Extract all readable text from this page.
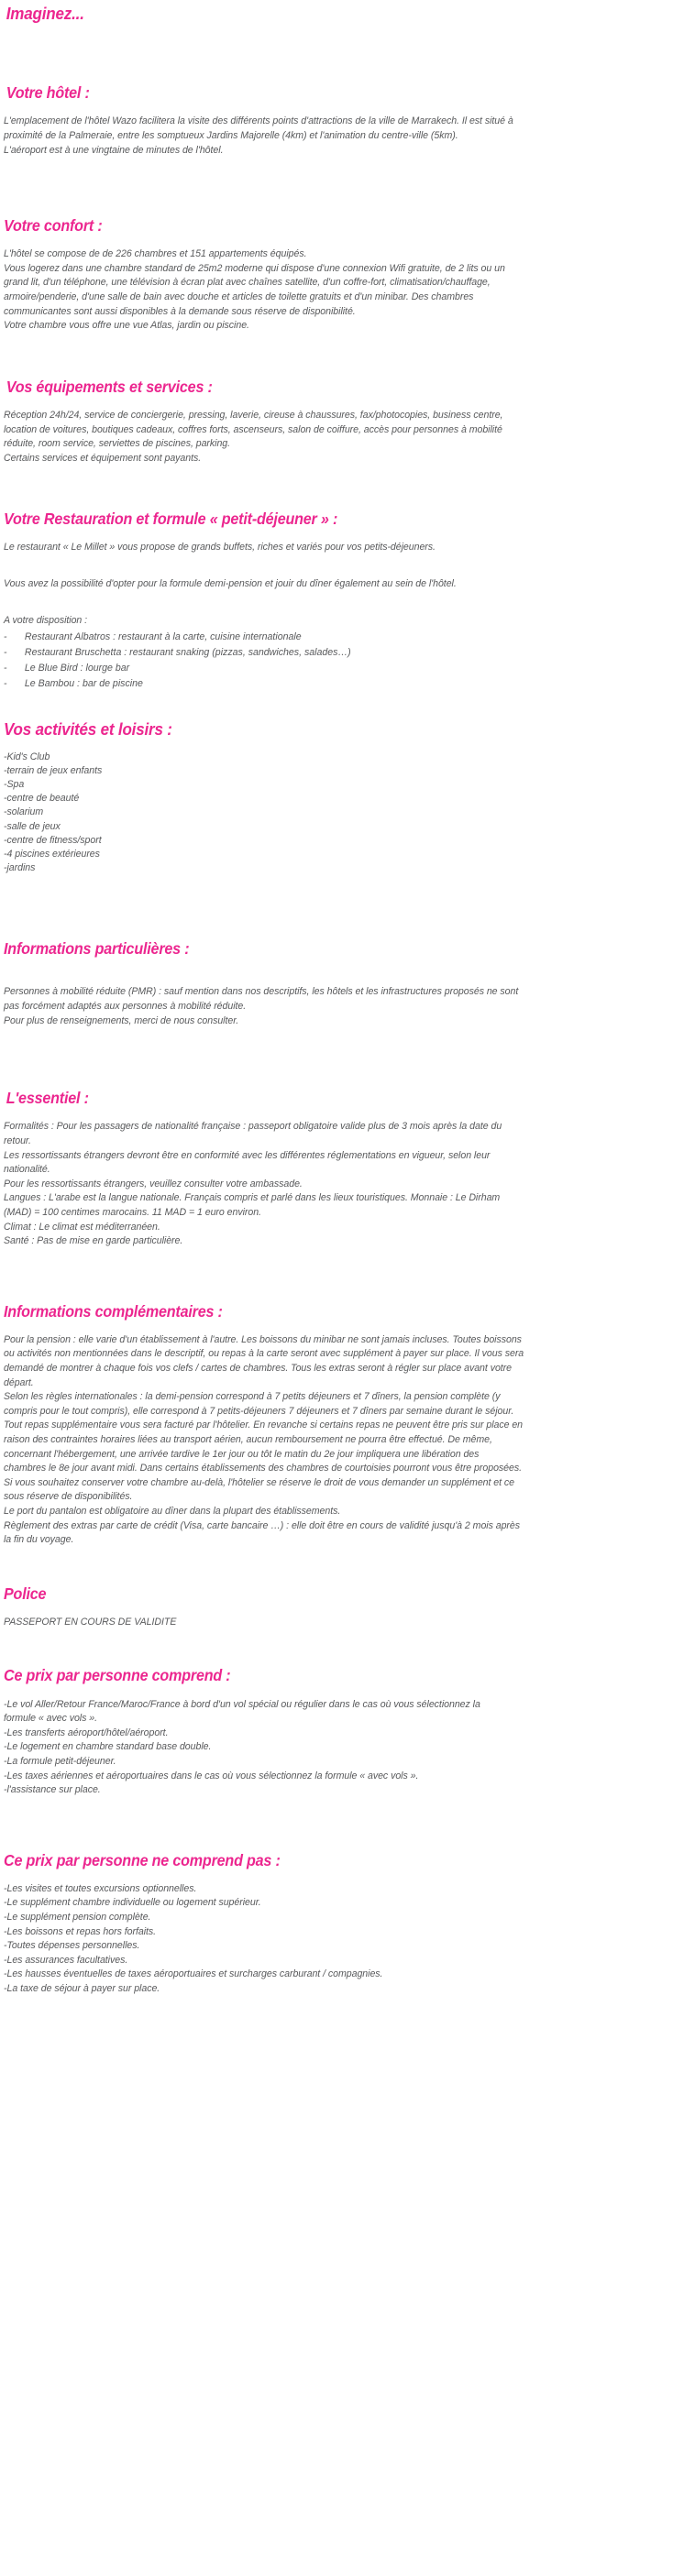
Imaginez...
Votre hôtel :
L'emplacement de l'hôtel Wazo facilitera la visite des différents points d'attractions de la ville de Marrakech. Il est situé à
proximité de la Palmeraie, entre les somptueux Jardins Majorelle (4km) et l'animation du centre-ville (5km).
L'aéroport est à une vingtaine de minutes de l'hôtel.
Votre confort :
L'hôtel se compose de de 226 chambres et 151 appartements équipés.
Vous logerez dans une chambre standard de 25m2 moderne qui dispose d'une connexion Wifi gratuite, de 2 lits ou un
grand lit, d'un téléphone, une télévision à écran plat avec chaînes satellite, d'un coffre-fort, climatisation/chauffage,
armoire/penderie, d'une salle de bain avec douche et articles de toilette gratuits et d'un minibar. Des chambres
communicantes sont aussi disponibles à la demande sous réserve de disponibilité.
Votre chambre vous offre une vue Atlas, jardin ou piscine.
Vos équipements et services :
Réception 24h/24, service de conciergerie, pressing, laverie, cireuse à chaussures, fax/photocopies, business centre,
location de voitures, boutiques cadeaux, coffres forts, ascenseurs, salon de coiffure, accès pour personnes à mobilité
réduite, room service, serviettes de piscines, parking.
Certains services et équipement sont payants.
Votre Restauration et formule « petit-déjeuner » :
Le restaurant « Le Millet » vous propose de grands buffets, riches et variés pour vos petits-déjeuners.
Vous avez la possibilité d'opter pour la formule demi-pension et jouir du dîner également au sein de l'hôtel.
A votre disposition :
-	Restaurant Albatros : restaurant à la carte, cuisine internationale
-	Restaurant Bruschetta : restaurant snaking (pizzas, sandwiches, salades…)
-	Le Blue Bird : lourge bar
-	Le Bambou : bar de piscine
Vos activités et loisirs :
-Kid's Club
-terrain de jeux enfants
-Spa
-centre de beauté
-solarium
-salle de jeux
-centre de fitness/sport
-4 piscines extérieures
-jardins
Informations particulières :
Personnes à mobilité réduite (PMR) : sauf mention dans nos descriptifs, les hôtels et les infrastructures proposés ne sont
pas forcément adaptés aux personnes à mobilité réduite.
Pour plus de renseignements, merci de nous consulter.
L'essentiel :
Formalités : Pour les passagers de nationalité française : passeport obligatoire valide plus de 3 mois après la date du
retour.
Les ressortissants étrangers devront être en conformité avec les différentes réglementations en vigueur, selon leur
nationalité.
Pour les ressortissants étrangers, veuillez consulter votre ambassade.
Langues : L'arabe est la langue nationale. Français compris et parlé dans les lieux touristiques. Monnaie : Le Dirham
(MAD) = 100 centimes marocains. 11 MAD = 1 euro environ.
Climat : Le climat est méditerranéen.
Santé : Pas de mise en garde particulière.
Informations complémentaires :
Pour la pension : elle varie d'un établissement à l'autre. Les boissons du minibar ne sont jamais incluses. Toutes boissons
ou activités non mentionnées dans le descriptif, ou repas à la carte seront avec supplément à payer sur place. Il vous sera
demandé de montrer à chaque fois vos clefs / cartes de chambres. Tous les extras seront à régler sur place avant votre
départ.
Selon les règles internationales : la demi-pension correspond à 7 petits déjeuners et 7 dîners, la pension complète (y
compris pour le tout compris), elle correspond à 7 petits-déjeuners 7 déjeuners et 7 dîners par semaine durant le séjour.
Tout repas supplémentaire vous sera facturé par l'hôtelier. En revanche si certains repas ne peuvent être pris sur place en
raison des contraintes horaires liées au transport aérien, aucun remboursement ne pourra être effectué. De même,
concernant l'hébergement, une arrivée tardive le 1er jour ou tôt le matin du 2e jour impliquera une libération des
chambres le 8e jour avant midi. Dans certains établissements des chambres de courtoisies pourront vous être proposées.
Si vous souhaitez conserver votre chambre au-delà, l'hôtelier se réserve le droit de vous demander un supplément et ce
sous réserve de disponibilités.
Le port du pantalon est obligatoire au dîner dans la plupart des établissements.
Règlement des extras par carte de crédit (Visa, carte bancaire …) : elle doit être en cours de validité jusqu'à 2 mois après
la fin du voyage.
Police
PASSEPORT EN COURS DE VALIDITE
Ce prix par personne comprend :
-Le vol Aller/Retour France/Maroc/France à bord d'un vol spécial ou régulier dans le cas où vous sélectionnez la
formule « avec vols ».
-Les transferts aéroport/hôtel/aéroport.
-Le logement en chambre standard base double.
-La formule petit-déjeuner.
-Les taxes aériennes et aéroportuaires dans le cas où vous sélectionnez la formule « avec vols ».
-l'assistance sur place.
Ce prix par personne ne comprend pas :
-Les visites et toutes excursions optionnelles.
-Le supplément chambre individuelle ou logement supérieur.
-Le supplément pension complète.
-Les boissons et repas hors forfaits.
-Toutes dépenses personnelles.
-Les assurances facultatives.
-Les hausses éventuelles de taxes aéroportuaires et surcharges carburant / compagnies.
-La taxe de séjour à payer sur place.
